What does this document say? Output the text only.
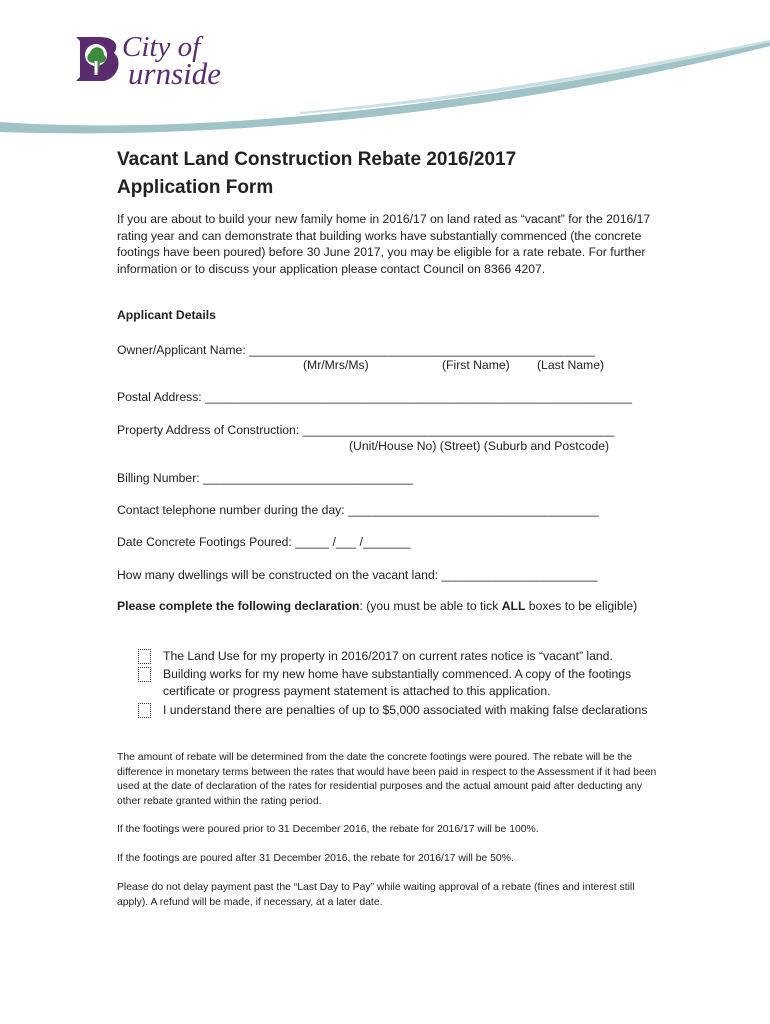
City of
urnside
Vacant Land Construction Rebate 2016/2017
Application Form
If you are about to build your new family home in 2016/17 on land rated as “vacant” for the 2016/17 rating year and can demonstrate that building works have substantially commenced (the concrete footings have been poured) before 30 June 2017, you may be eligible for a rate rebate. For further information or to discuss your application please contact Council on 8366 4207.
Applicant Details
Owner/Applicant Name: ___________________________________________________
(Mr/Mrs/Ms)	(First Name) (Last Name)
Postal Address: _______________________________________________________________
Property Address of Construction: ______________________________________________
(Unit/House No) (Street) (Suburb and Postcode)
Billing Number: _______________________________
Contact telephone number during the day: _____________________________________
Date Concrete Footings Poured: _____ /___ /_______
How many dwellings will be constructed on the vacant land: _______________________
Please complete the following declaration: (you must be able to tick ALL boxes to be eligible)
The Land Use for my property in 2016/2017 on current rates notice is “vacant” land.
Building works for my new home have substantially commenced. A copy of the footings certificate or progress payment statement is attached to this application.
I understand there are penalties of up to $5,000 associated with making false declarations
The amount of rebate will be determined from the date the concrete footings were poured. The rebate will be the difference in monetary terms between the rates that would have been paid in respect to the Assessment if it had been used at the date of declaration of the rates for residential purposes and the actual amount paid after deducting any other rebate granted within the rating period.
If the footings were poured prior to 31 December 2016, the rebate for 2016/17 will be 100%.
If the footings are poured after 31 December 2016, the rebate for 2016/17 will be 50%.
Please do not delay payment past the “Last Day to Pay” while waiting approval of a rebate (fines and interest still apply). A refund will be made, if necessary, at a later date.
